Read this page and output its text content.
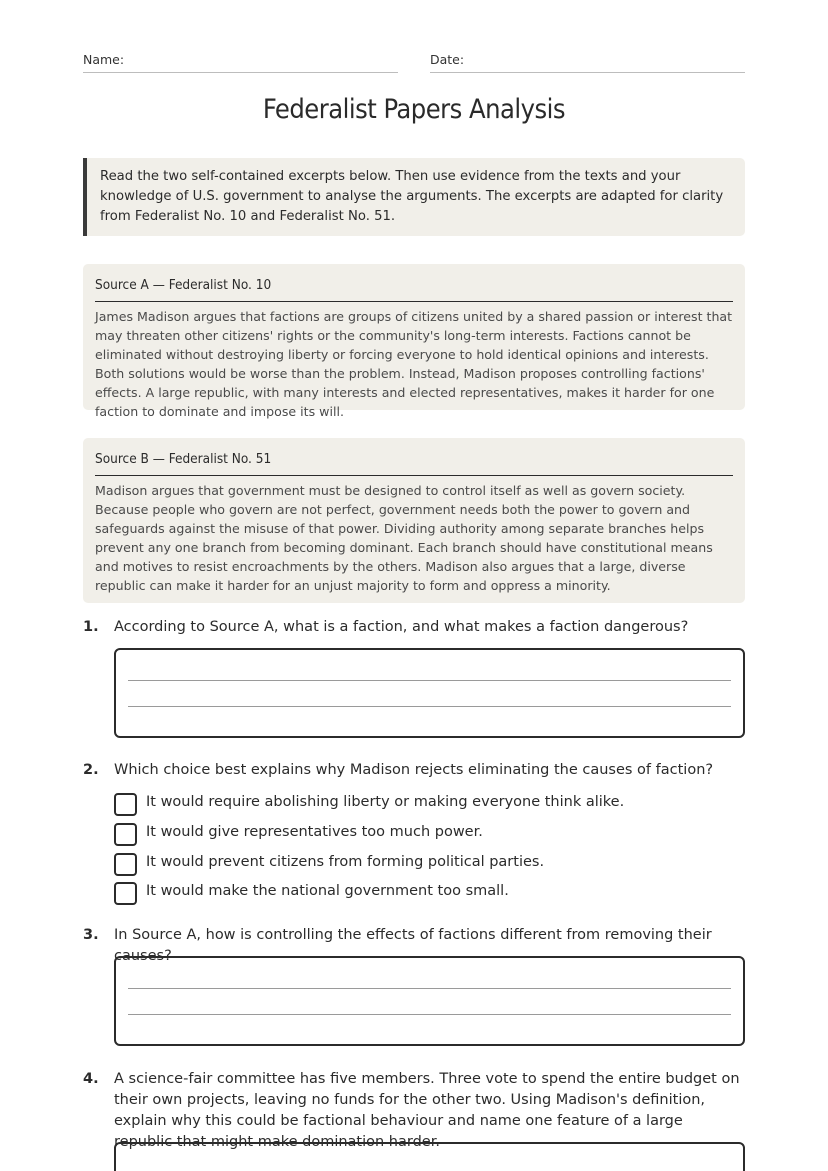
Name:	Date:
Federalist Papers Analysis
Read the two self-contained excerpts below. Then use evidence from the texts and your knowledge of U.S. government to analyse the arguments. The excerpts are adapted for clarity from Federalist No. 10 and Federalist No. 51.
Source A — Federalist No. 10
James Madison argues that factions are groups of citizens united by a shared passion or interest that may threaten other citizens' rights or the community's long-term interests. Factions cannot be eliminated without destroying liberty or forcing everyone to hold identical opinions and interests. Both solutions would be worse than the problem. Instead, Madison proposes controlling factions' effects. A large republic, with many interests and elected representatives, makes it harder for one faction to dominate and impose its will.
Source B — Federalist No. 51
Madison argues that government must be designed to control itself as well as govern society. Because people who govern are not perfect, government needs both the power to govern and safeguards against the misuse of that power. Dividing authority among separate branches helps prevent any one branch from becoming dominant. Each branch should have constitutional means and motives to resist encroachments by the others. Madison also argues that a large, diverse republic can make it harder for an unjust majority to form and oppress a minority.
1. According to Source A, what is a faction, and what makes a faction dangerous?
2. Which choice best explains why Madison rejects eliminating the causes of faction?
It would require abolishing liberty or making everyone think alike.
It would give representatives too much power.
It would prevent citizens from forming political parties.
It would make the national government too small.
3. In Source A, how is controlling the effects of factions different from removing their causes?
4. A science-fair committee has five members. Three vote to spend the entire budget on their own projects, leaving no funds for the other two. Using Madison's definition, explain why this could be factional behaviour and name one feature of a large republic that might make domination harder.
